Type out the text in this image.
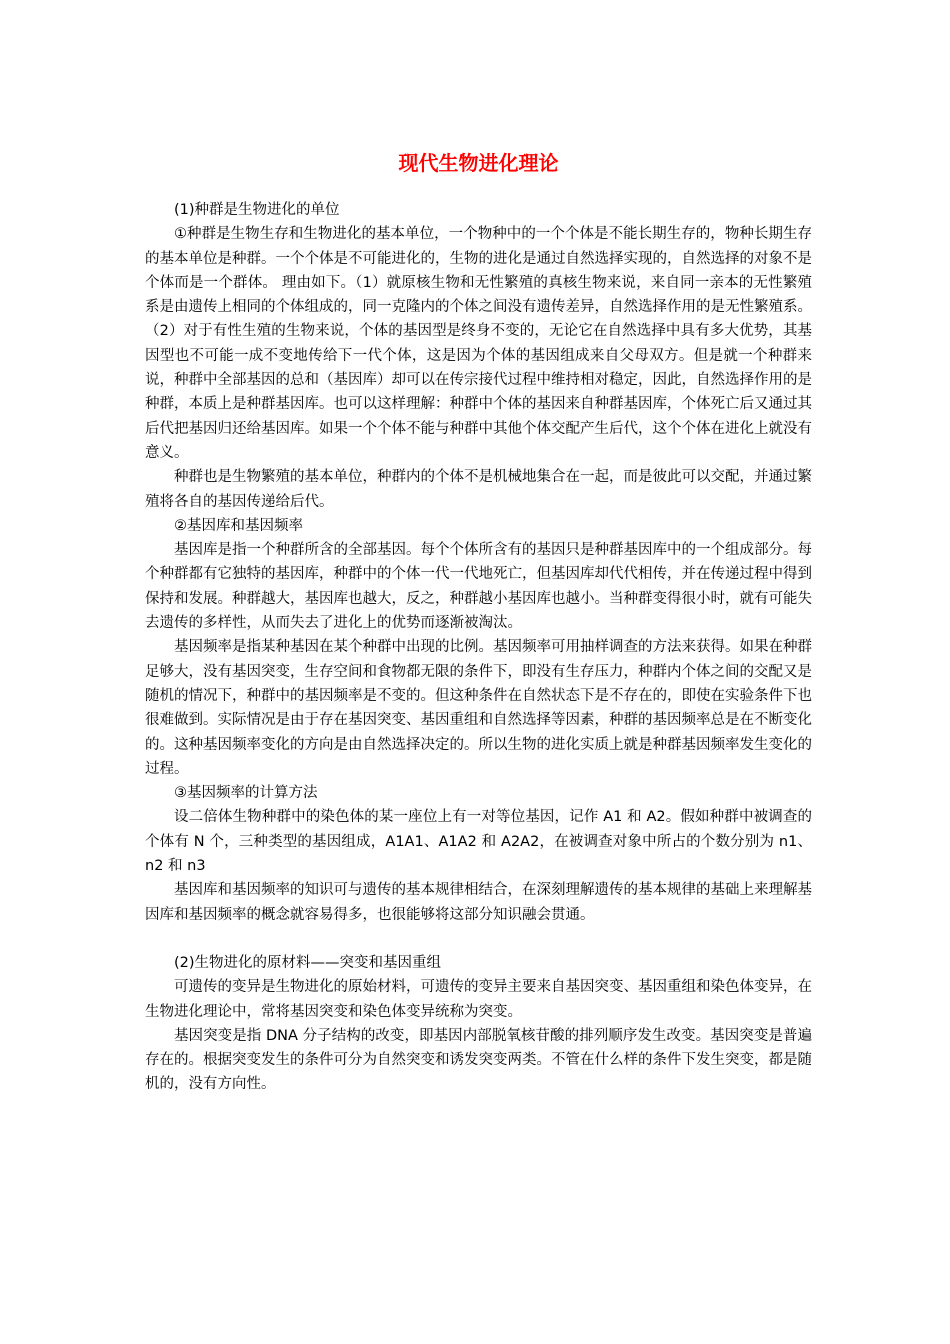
现代生物进化理论

(1)种群是生物进化的单位

①种群是生物生存和生物进化的基本单位，一个物种中的一个个体是不能长期生存的，物种长期生存的基本单位是种群。一个个体是不可能进化的，生物的进化是通过自然选择实现的，自然选择的对象不是个体而是一个群体。 理由如下。（1）就原核生物和无性繁殖的真核生物来说，来自同一亲本的无性繁殖系是由遗传上相同的个体组成的，同一克隆内的个体之间没有遗传差异，自然选择作用的是无性繁殖系。（2）对于有性生殖的生物来说，个体的基因型是终身不变的，无论它在自然选择中具有多大优势，其基因型也不可能一成不变地传给下一代个体，这是因为个体的基因组成来自父母双方。但是就一个种群来说，种群中全部基因的总和（基因库）却可以在传宗接代过程中维持相对稳定，因此，自然选择作用的是种群，本质上是种群基因库。也可以这样理解：种群中个体的基因来自种群基因库，个体死亡后又通过其后代把基因归还给基因库。如果一个个体不能与种群中其他个体交配产生后代，这个个体在进化上就没有意义。

种群也是生物繁殖的基本单位，种群内的个体不是机械地集合在一起，而是彼此可以交配，并通过繁殖将各自的基因传递给后代。

②基因库和基因频率

基因库是指一个种群所含的全部基因。每个个体所含有的基因只是种群基因库中的一个组成部分。每个种群都有它独特的基因库，种群中的个体一代一代地死亡，但基因库却代代相传，并在传递过程中得到保持和发展。种群越大，基因库也越大，反之，种群越小基因库也越小。当种群变得很小时，就有可能失去遗传的多样性，从而失去了进化上的优势而逐渐被淘汰。

基因频率是指某种基因在某个种群中出现的比例。基因频率可用抽样调查的方法来获得。如果在种群足够大，没有基因突变，生存空间和食物都无限的条件下，即没有生存压力，种群内个体之间的交配又是随机的情况下，种群中的基因频率是不变的。但这种条件在自然状态下是不存在的，即使在实验条件下也很难做到。实际情况是由于存在基因突变、基因重组和自然选择等因素，种群的基因频率总是在不断变化的。这种基因频率变化的方向是由自然选择决定的。所以生物的进化实质上就是种群基因频率发生变化的过程。

③基因频率的计算方法

设二倍体生物种群中的染色体的某一座位上有一对等位基因，记作 A1 和 A2。假如种群中被调查的个体有 N 个，三种类型的基因组成，A1A1、A1A2 和 A2A2，在被调查对象中所占的个数分别为 n1、n2 和 n3

基因库和基因频率的知识可与遗传的基本规律相结合，在深刻理解遗传的基本规律的基础上来理解基因库和基因频率的概念就容易得多，也很能够将这部分知识融会贯通。

(2)生物进化的原材料——突变和基因重组

可遗传的变异是生物进化的原始材料，可遗传的变异主要来自基因突变、基因重组和染色体变异，在生物进化理论中，常将基因突变和染色体变异统称为突变。

基因突变是指 DNA 分子结构的改变，即基因内部脱氧核苷酸的排列顺序发生改变。基因突变是普遍存在的。根据突变发生的条件可分为自然突变和诱发突变两类。不管在什么样的条件下发生突变，都是随机的，没有方向性。
